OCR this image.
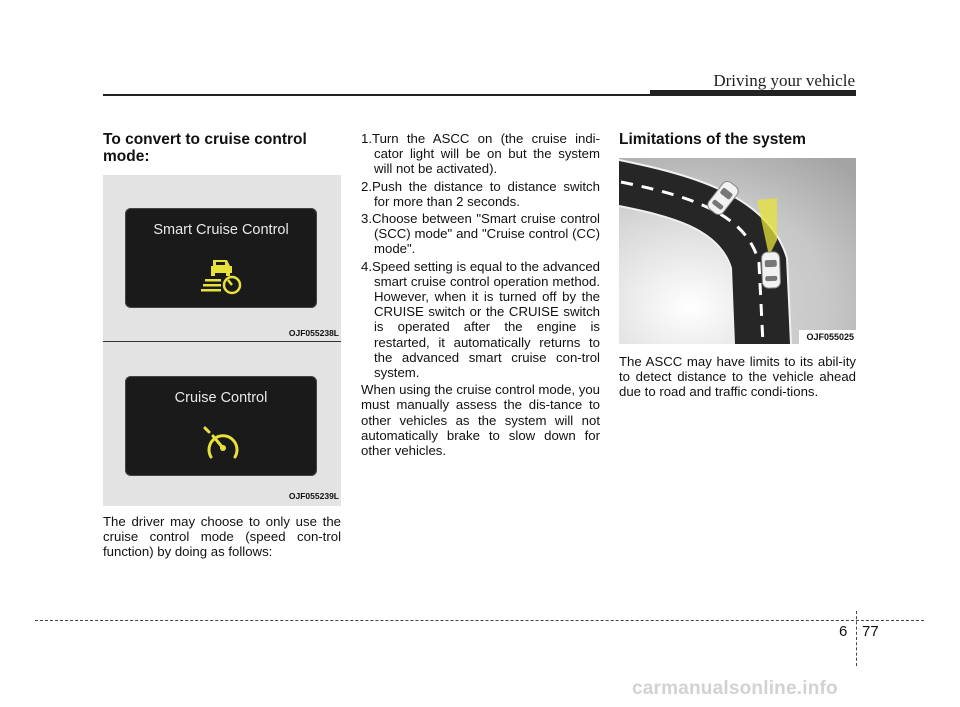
Driving your vehicle
To convert to cruise control mode:
Smart Cruise Control
OJF055238L
Cruise Control
OJF055239L

The driver may choose to only use the cruise control mode (speed con-trol function) by doing as follows:

1.Turn the ASCC on (the cruise indi-cator light will be on but the system will not be activated).
2.Push the distance to distance switch for more than 2 seconds.
3.Choose between "Smart cruise control (SCC) mode" and "Cruise control (CC) mode".
4.Speed setting is equal to the advanced smart cruise control operation method. However, when it is turned off by the CRUISE switch or the CRUISE switch is operated after the engine is restarted, it automatically returns to the advanced smart cruise con-trol system.

When using the cruise control mode, you must manually assess the dis-tance to other vehicles as the system will not automatically brake to slow down for other vehicles.

Limitations of the system
OJF055025

The ASCC may have limits to its abil-ity to detect distance to the vehicle ahead due to road and traffic condi-tions.

6 77
carmanualsonline.info
